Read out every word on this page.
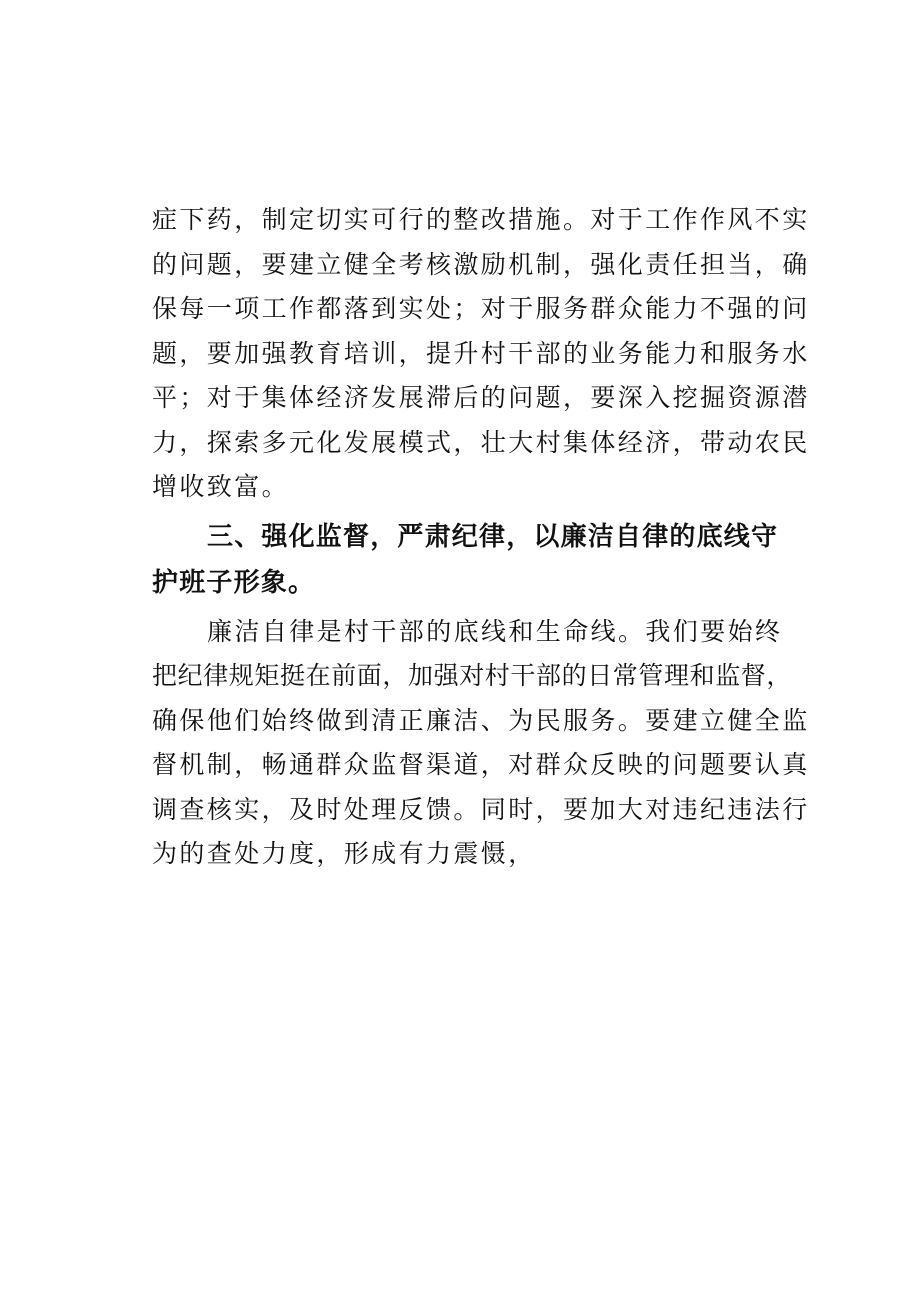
症下药，制定切实可行的整改措施。对于工作作风不实
的问题，要建立健全考核激励机制，强化责任担当，确
保每一项工作都落到实处；对于服务群众能力不强的问
题，要加强教育培训，提升村干部的业务能力和服务水
平；对于集体经济发展滞后的问题，要深入挖掘资源潜
力，探索多元化发展模式，壮大村集体经济，带动农民
增收致富。

三、强化监督，严肃纪律，以廉洁自律的底线守
护班子形象。

廉洁自律是村干部的底线和生命线。我们要始终
把纪律规矩挺在前面，加强对村干部的日常管理和监督，
确保他们始终做到清正廉洁、为民服务。要建立健全监
督机制，畅通群众监督渠道，对群众反映的问题要认真
调查核实，及时处理反馈。同时，要加大对违纪违法行
为的查处力度，形成有力震慑，
